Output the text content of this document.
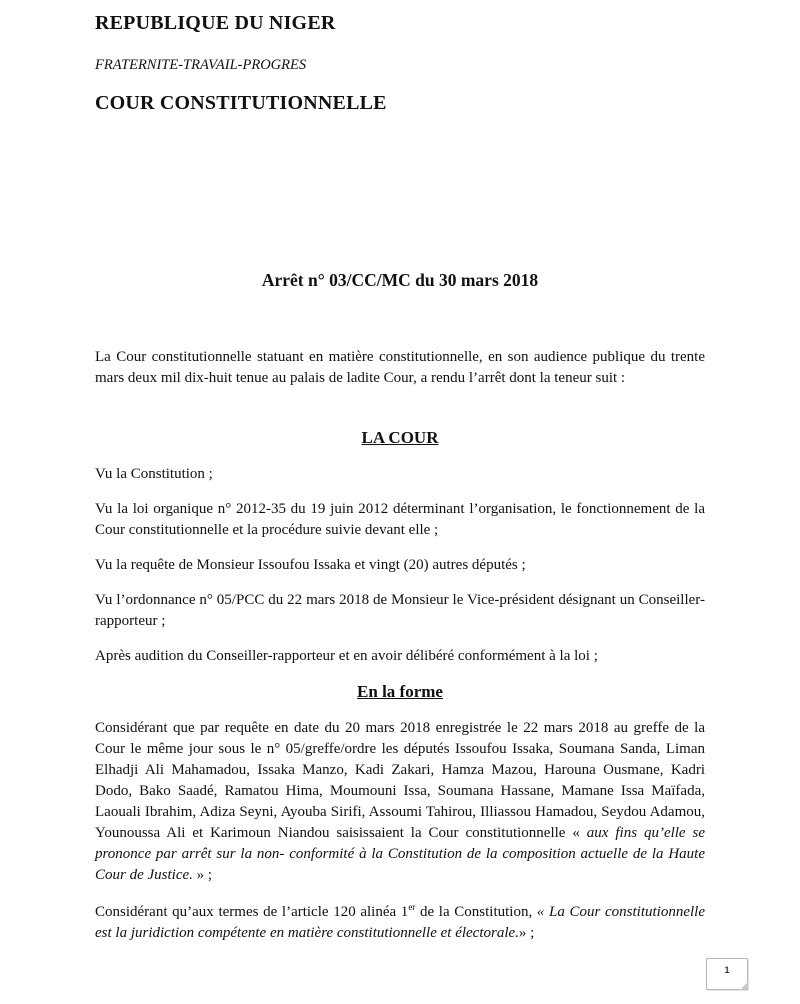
REPUBLIQUE DU NIGER
FRATERNITE-TRAVAIL-PROGRES
COUR CONSTITUTIONNELLE
Arrêt n° 03/CC/MC du 30 mars 2018
La Cour constitutionnelle statuant en matière constitutionnelle, en son audience publique du trente mars deux mil dix-huit tenue au palais de ladite Cour, a rendu l’arrêt dont la teneur suit :
LA COUR
Vu la Constitution ;
Vu la loi organique n° 2012-35 du 19 juin 2012 déterminant l’organisation, le fonctionnement de la Cour constitutionnelle et la procédure suivie devant elle ;
Vu la requête de Monsieur Issoufou Issaka et vingt (20) autres députés ;
Vu l’ordonnance n° 05/PCC du 22 mars 2018 de Monsieur le Vice-président désignant un Conseiller-rapporteur ;
Après audition du Conseiller-rapporteur et en avoir délibéré conformément à la loi ;
En la forme
Considérant que par requête en date du 20 mars 2018 enregistrée le 22 mars 2018 au greffe de la Cour le même jour sous le n° 05/greffe/ordre les députés Issoufou Issaka, Soumana Sanda, Liman Elhadji Ali Mahamadou, Issaka Manzo, Kadi Zakari, Hamza Mazou, Harouna Ousmane, Kadri Dodo, Bako Saadé, Ramatou Hima, Moumouni Issa, Soumana Hassane, Mamane Issa Maïfada, Laouali Ibrahim, Adiza Seyni, Ayouba Sirifi, Assoumi Tahirou, Illiassou Hamadou, Seydou Adamou, Younoussa Ali et Karimoun Niandou saisissaient la Cour constitutionnelle « aux fins qu’elle se prononce par arrêt sur la non- conformité à la Constitution de la composition actuelle de la Haute Cour de Justice. » ;
Considérant qu’aux termes de l’article 120 alinéa 1er de la Constitution, « La Cour constitutionnelle est la juridiction compétente en matière constitutionnelle et électorale.» ;
1
